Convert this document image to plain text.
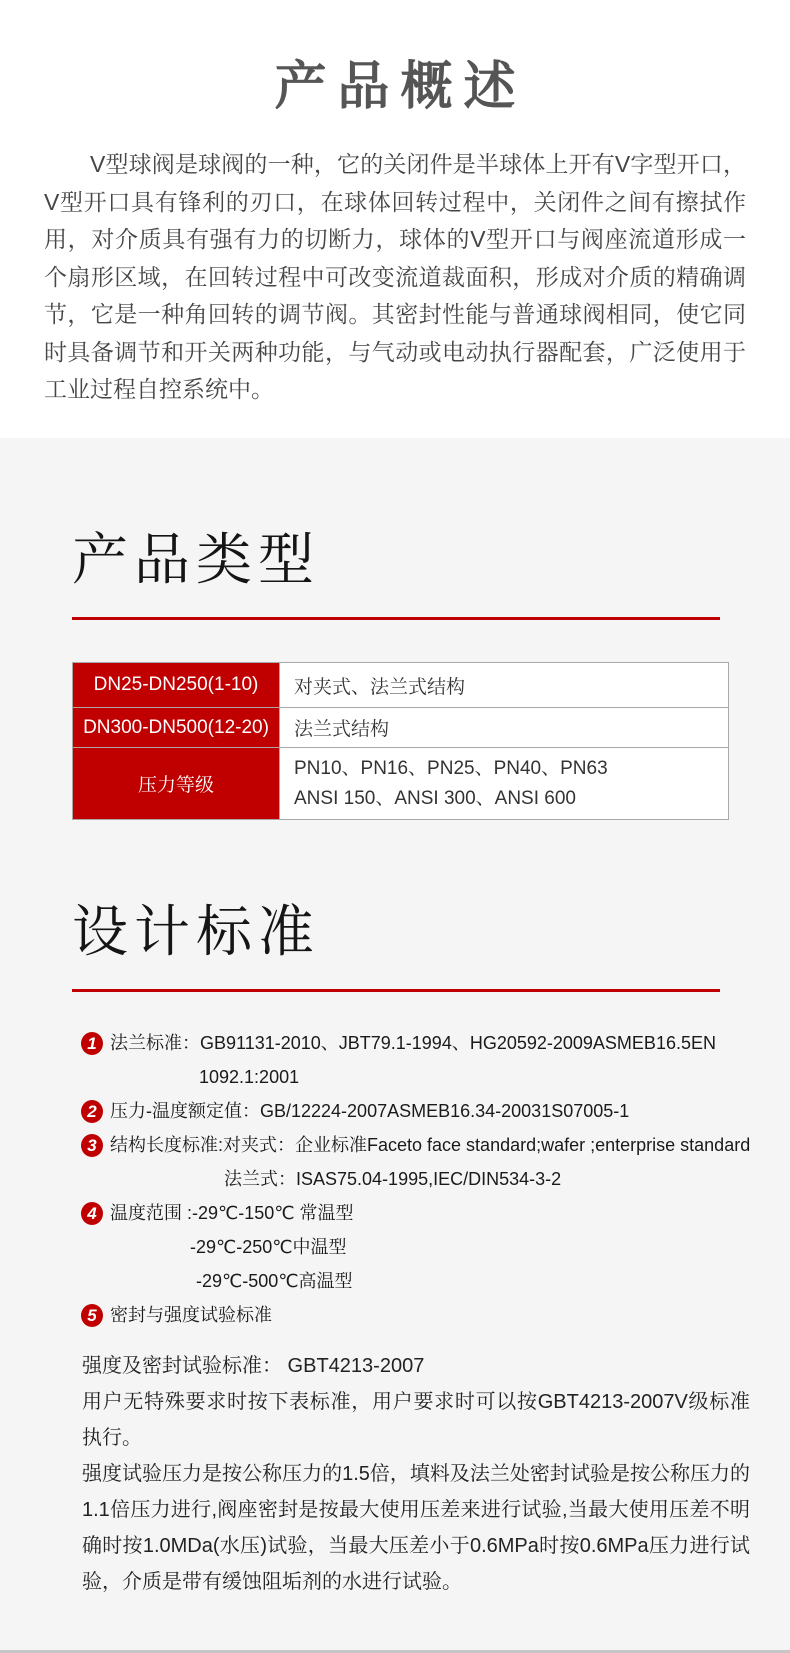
产品概述

V型球阀是球阀的一种，它的关闭件是半球体上开有V字型开口，V型开口具有锋利的刃口，在球体回转过程中，关闭件之间有擦拭作用，对介质具有强有力的切断力，球体的V型开口与阀座流道形成一个扇形区域，在回转过程中可改变流道裁面积，形成对介质的精确调节，它是一种角回转的调节阀。其密封性能与普通球阀相同，使它同时具备调节和开关两种功能，与气动或电动执行器配套，广泛使用于工业过程自控系统中。

产品类型
DN25-DN250(1-10)	对夹式、法兰式结构
DN300-DN500(12-20)	法兰式结构
压力等级	PN10、PN16、PN25、PN40、PN63
ANSI 150、ANSI 300、ANSI 600
设计标准
1 法兰标准：GB91131-2010、JBT79.1-1994、HG20592-2009ASMEB16.5EN
1092.1:2001
2 压力-温度额定值：GB/12224-2007ASMEB16.34-20031S07005-1
3 结构长度标准:对夹式：企业标准Faceto face standard;wafer ;enterprise standard
法兰式：ISAS75.04-1995,IEC/DIN534-3-2
4 温度范围 :-29℃-150℃ 常温型
-29℃-250℃中温型
-29℃-500℃高温型
5 密封与强度试验标准

强度及密封试验标准： GBT4213-2007

用户无特殊要求时按下表标准，用户要求时可以按GBT4213-2007V级标准执行。

强度试验压力是按公称压力的1.5倍，填料及法兰处密封试验是按公称压力的1.1倍压力进行,阀座密封是按最大使用压差来进行试验,当最大使用压差不明确时按1.0MDa(水压)试验，当最大压差小于0.6MPa时按0.6MPa压力进行试验，介质是带有缓蚀阻垢剂的水进行试验。
